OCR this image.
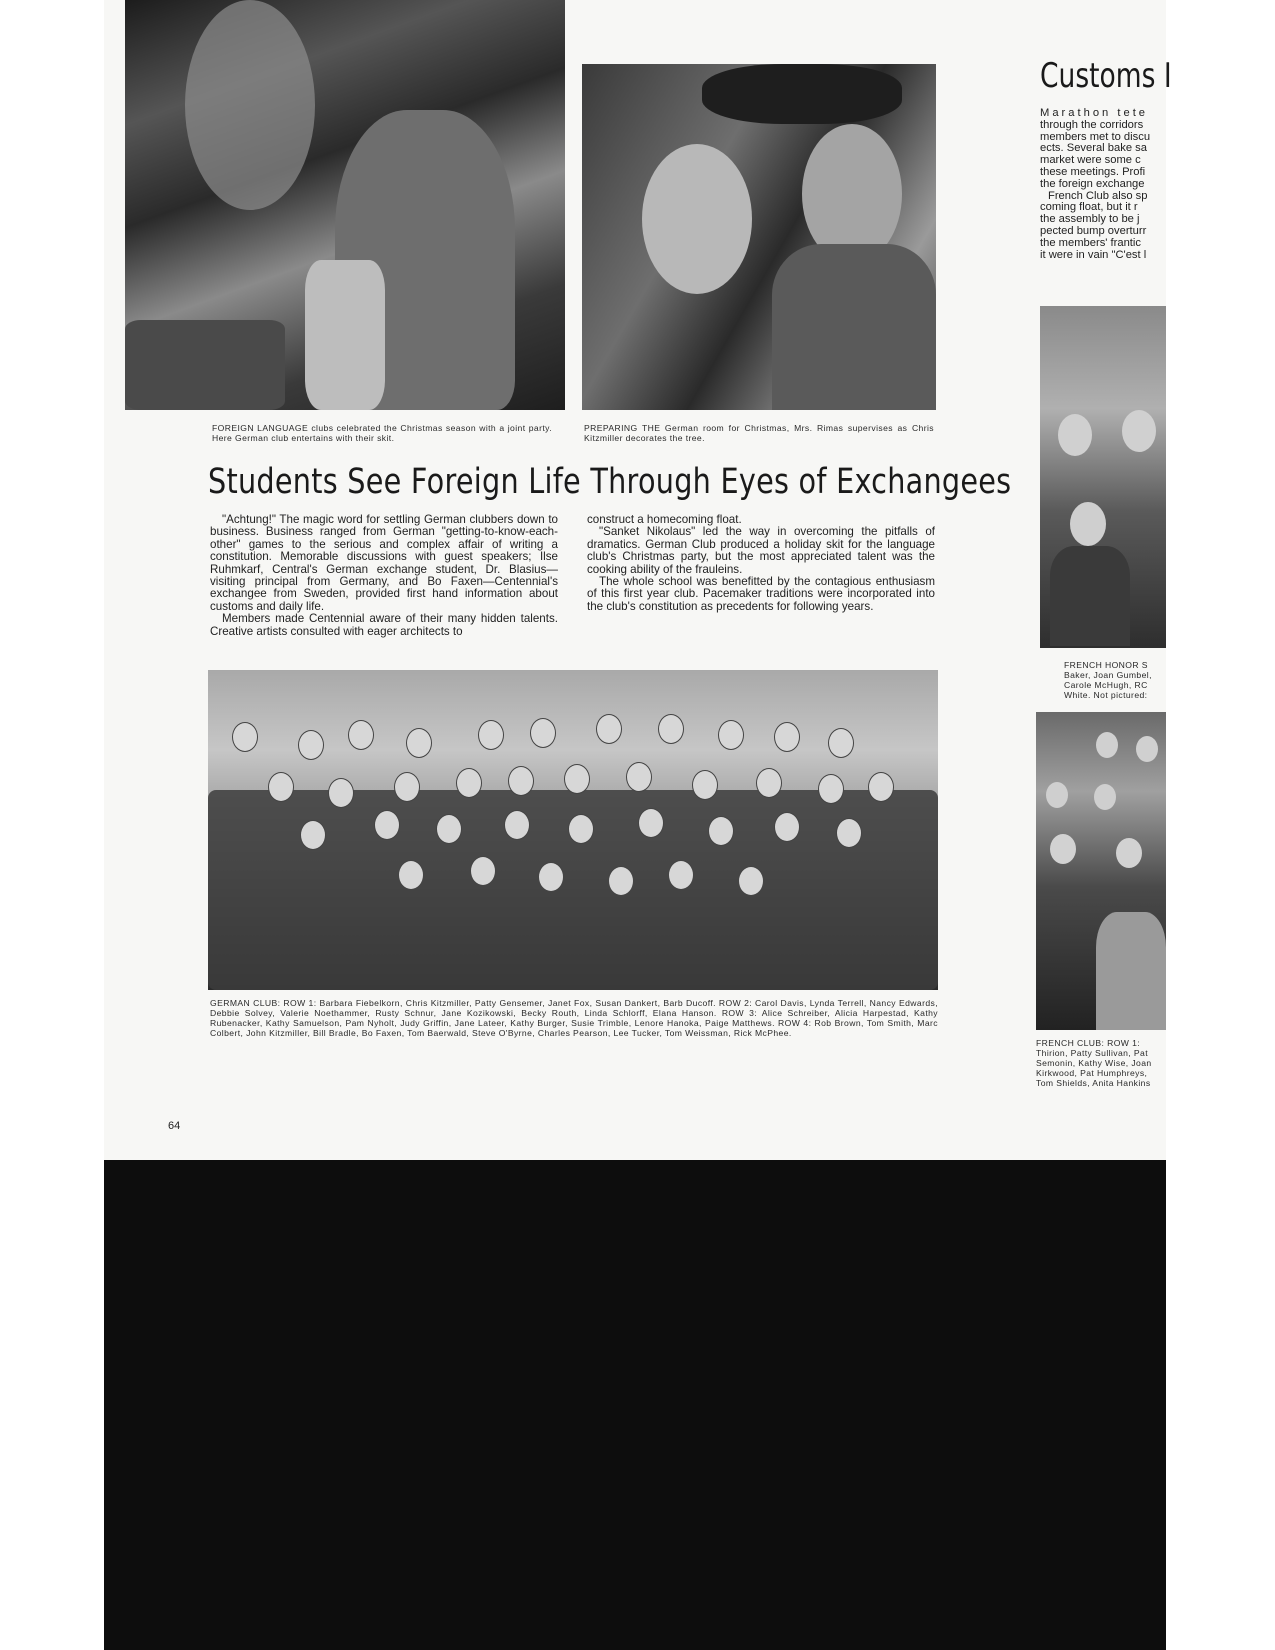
FOREIGN LANGUAGE clubs celebrated the Christmas season with a joint party. Here German club entertains with their skit.
PREPARING THE German room for Christmas, Mrs. Rimas supervises as Chris Kitzmiller decorates the tree.
Students See Foreign Life Through Eyes of Exchangees

"Achtung!" The magic word for settling German clubbers down to business. Business ranged from German "getting-to-know-each-other" games to the serious and complex affair of writing a constitution. Memorable discussions with guest speakers; Ilse Ruhmkarf, Central's German exchange student, Dr. Blasius—visiting principal from Germany, and Bo Faxen—Centennial's exchangee from Sweden, provided first hand information about customs and daily life.

Members made Centennial aware of their many hidden talents. Creative artists consulted with eager architects to

construct a homecoming float.

"Sanket Nikolaus" led the way in overcoming the pitfalls of dramatics. German Club produced a holiday skit for the language club's Christmas party, but the most appreciated talent was the cooking ability of the frauleins.

The whole school was benefitted by the contagious enthusiasm of this first year club. Pacemaker traditions were incorporated into the club's constitution as precedents for following years.

GERMAN CLUB: ROW 1: Barbara Fiebelkorn, Chris Kitzmiller, Patty Gensemer, Janet Fox, Susan Dankert, Barb Ducoff. ROW 2: Carol Davis, Lynda Terrell, Nancy Edwards, Debbie Solvey, Valerie Noethammer, Rusty Schnur, Jane Kozikowski, Becky Routh, Linda Schlorff, Elana Hanson. ROW 3: Alice Schreiber, Alicia Harpestad, Kathy Rubenacker, Kathy Samuelson, Pam Nyholt, Judy Griffin, Jane Lateer, Kathy Burger, Susie Trimble, Lenore Hanoka, Paige Matthews. ROW 4: Rob Brown, Tom Smith, Marc Colbert, John Kitzmiller, Bill Bradle, Bo Faxen, Tom Baerwald, Steve O'Byrne, Charles Pearson, Lee Tucker, Tom Weissman, Rick McPhee.
Customs I
Marathon tete
through the corridors
members met to discu
ects. Several bake sa
market were some c
these meetings. Profi
the foreign exchange
French Club also sp
coming float, but it r
the assembly to be j
pected bump overturr
the members' frantic
it were in vain "C'est l
FRENCH HONOR S
Baker, Joan Gumbel,
Carole McHugh, RC
White. Not pictured:
FRENCH CLUB: ROW 1:
Thirion, Patty Sullivan, Pat
Semonin, Kathy Wise, Joan
Kirkwood, Pat Humphreys,
Tom Shields, Anita Hankins
64
